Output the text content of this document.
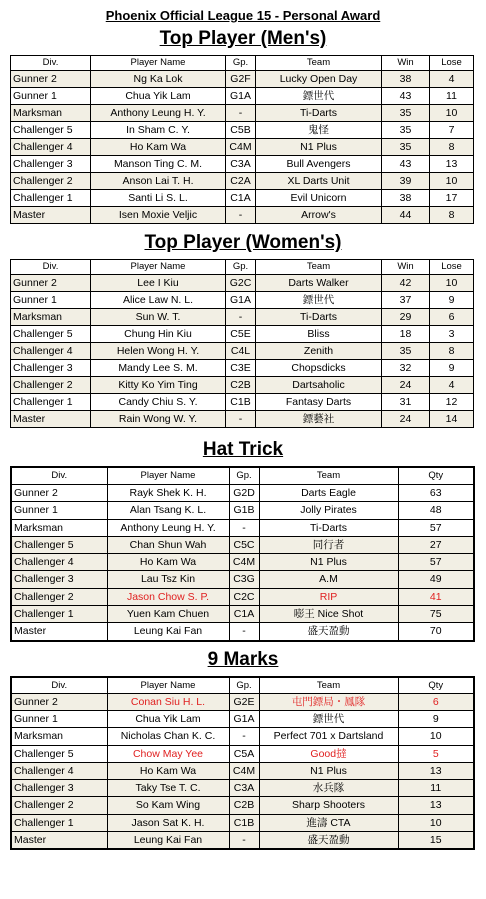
Phoenix Official League 15 - Personal Award
Top Player (Men's)
Div.	Player Name	Gp.	Team	Win	Lose
Gunner 2	Ng Ka Lok	G2F	Lucky Open Day	38	4
Gunner 1	Chua Yik Lam	G1A	鏢世代	43	11
Marksman	Anthony Leung H. Y.	-	Ti-Darts	35	10
Challenger 5	In Sham C. Y.	C5B	鬼怪	35	7
Challenger 4	Ho Kam Wa	C4M	N1 Plus	35	8
Challenger 3	Manson Ting C. M.	C3A	Bull Avengers	43	13
Challenger 2	Anson Lai T. H.	C2A	XL Darts Unit	39	10
Challenger 1	Santi Li S. L.	C1A	Evil Unicorn	38	17
Master	Isen Moxie Veljic	-	Arrow's	44	8
Top Player (Women's)
Div.	Player Name	Gp.	Team	Win	Lose
Gunner 2	Lee I Kiu	G2C	Darts Walker	42	10
Gunner 1	Alice Law N. L.	G1A	鏢世代	37	9
Marksman	Sun W. T.	-	Ti-Darts	29	6
Challenger 5	Chung Hin Kiu	C5E	Bliss	18	3
Challenger 4	Helen Wong H. Y.	C4L	Zenith	35	8
Challenger 3	Mandy Lee S. M.	C3E	Chopsdicks	32	9
Challenger 2	Kitty Ko Yim Ting	C2B	Dartsaholic	24	4
Challenger 1	Candy Chiu S. Y.	C1B	Fantasy Darts	31	12
Master	Rain Wong W. Y.	-	鏢藝社	24	14
Hat Trick
Div.	Player Name	Gp.	Team	Qty
Gunner 2	Rayk Shek K. H.	G2D	Darts Eagle	63
Gunner 1	Alan Tsang K. L.	G1B	Jolly Pirates	48
Marksman	Anthony Leung H. Y.	-	Ti-Darts	57
Challenger 5	Chan Shun Wah	C5C	同行者	27
Challenger 4	Ho Kam Wa	C4M	N1 Plus	57
Challenger 3	Lau Tsz Kin	C3G	A.M	49
Challenger 2	Jason Chow S. P.	C2C	RIP	41
Challenger 1	Yuen Kam Chuen	C1A	嘭王 Nice Shot	75
Master	Leung Kai Fan	-	盛天盈動	70
9 Marks
Div.	Player Name	Gp.	Team	Qty
Gunner 2	Conan Siu H. L.	G2E	屯門鏢局・鳳隊	6
Gunner 1	Chua Yik Lam	G1A	鏢世代	9
Marksman	Nicholas Chan K. C.	-	Perfect 701 x Dartsland	10
Challenger 5	Chow May Yee	C5A	Good撻	5
Challenger 4	Ho Kam Wa	C4M	N1 Plus	13
Challenger 3	Taky Tse T. C.	C3A	水兵隊	11
Challenger 2	So Kam Wing	C2B	Sharp Shooters	13
Challenger 1	Jason Sat K. H.	C1B	進濤 CTA	10
Master	Leung Kai Fan	-	盛天盈動	15
